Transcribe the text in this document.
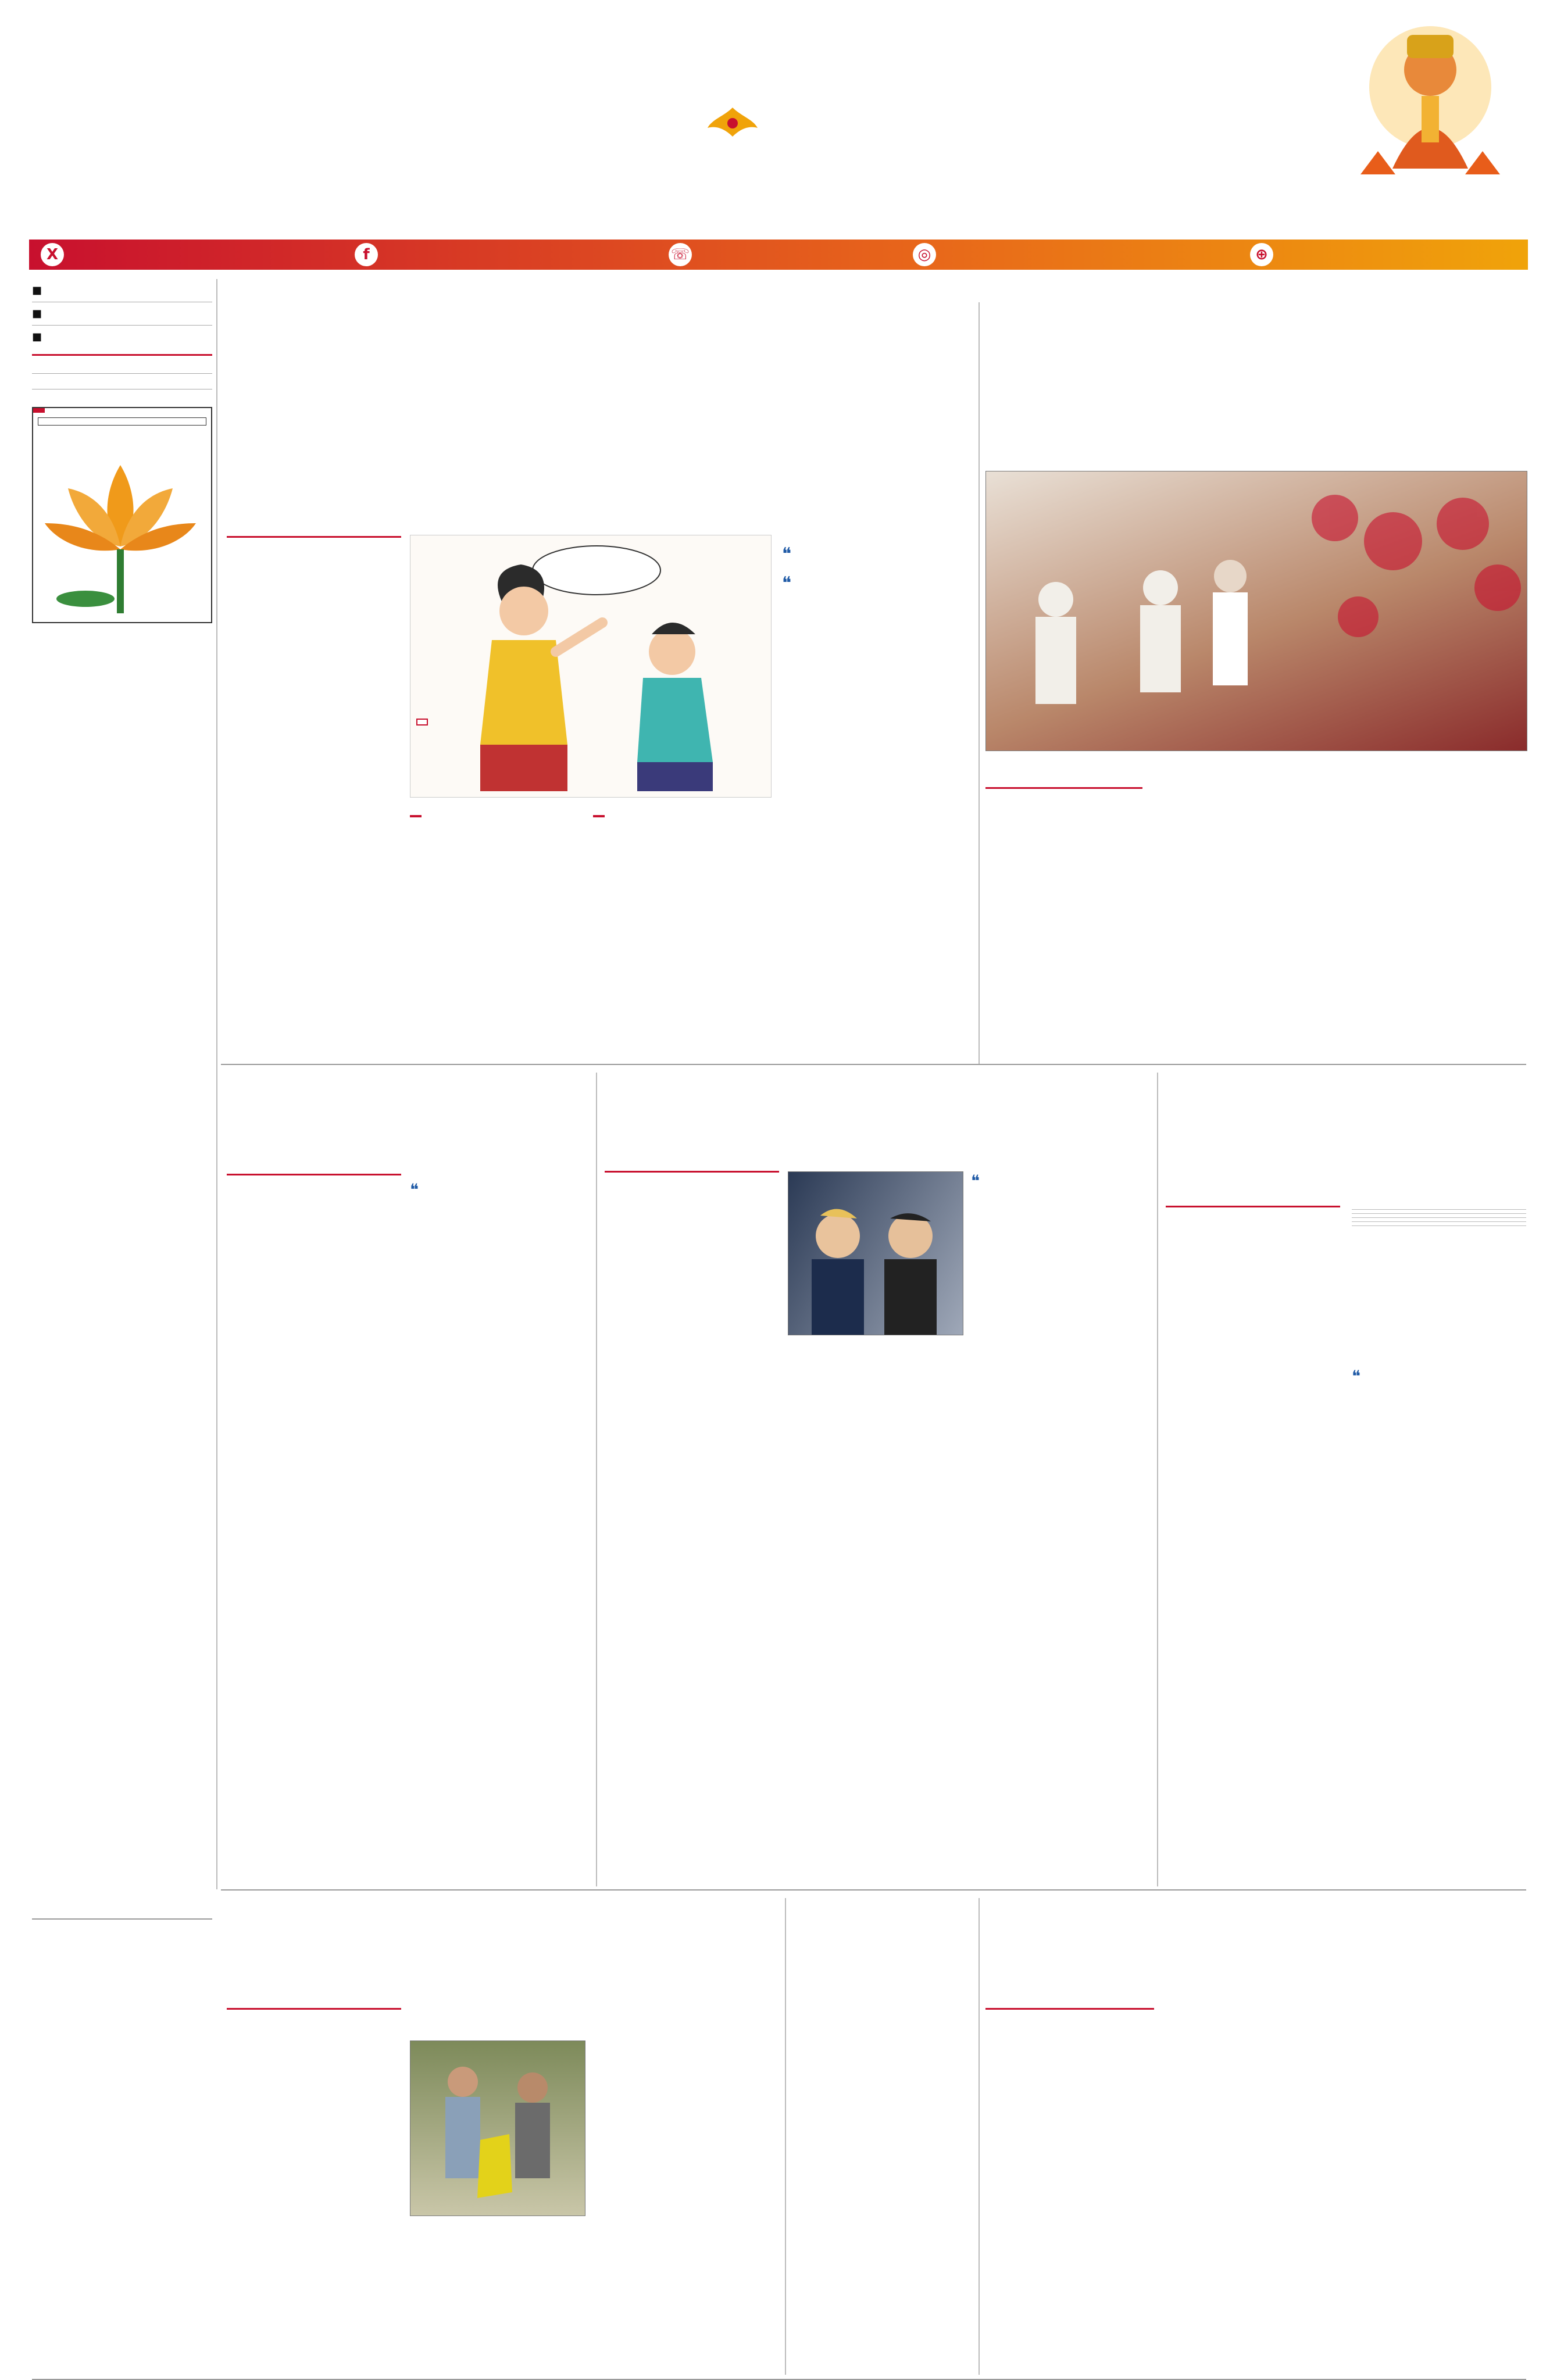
X	f	☏	◎	⊕
■
■
■
❝
❝
❝	❝

❝
